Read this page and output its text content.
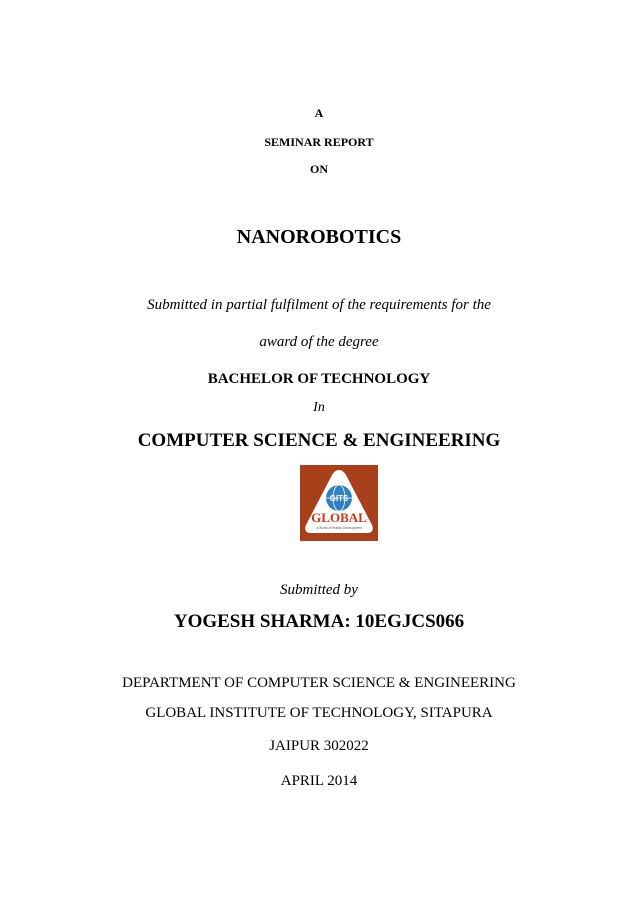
A
SEMINAR REPORT
ON
NANOROBOTICS
Submitted in partial fulfilment of the requirements for the
award of the degree
BACHELOR OF TECHNOLOGY
In
COMPUTER SCIENCE & ENGINEERING
GITS
GLOBAL
A World of Holistic Development
Submitted by
YOGESH SHARMA: 10EGJCS066
DEPARTMENT OF COMPUTER SCIENCE & ENGINEERING
GLOBAL INSTITUTE OF TECHNOLOGY, SITAPURA
JAIPUR 302022
APRIL 2014
